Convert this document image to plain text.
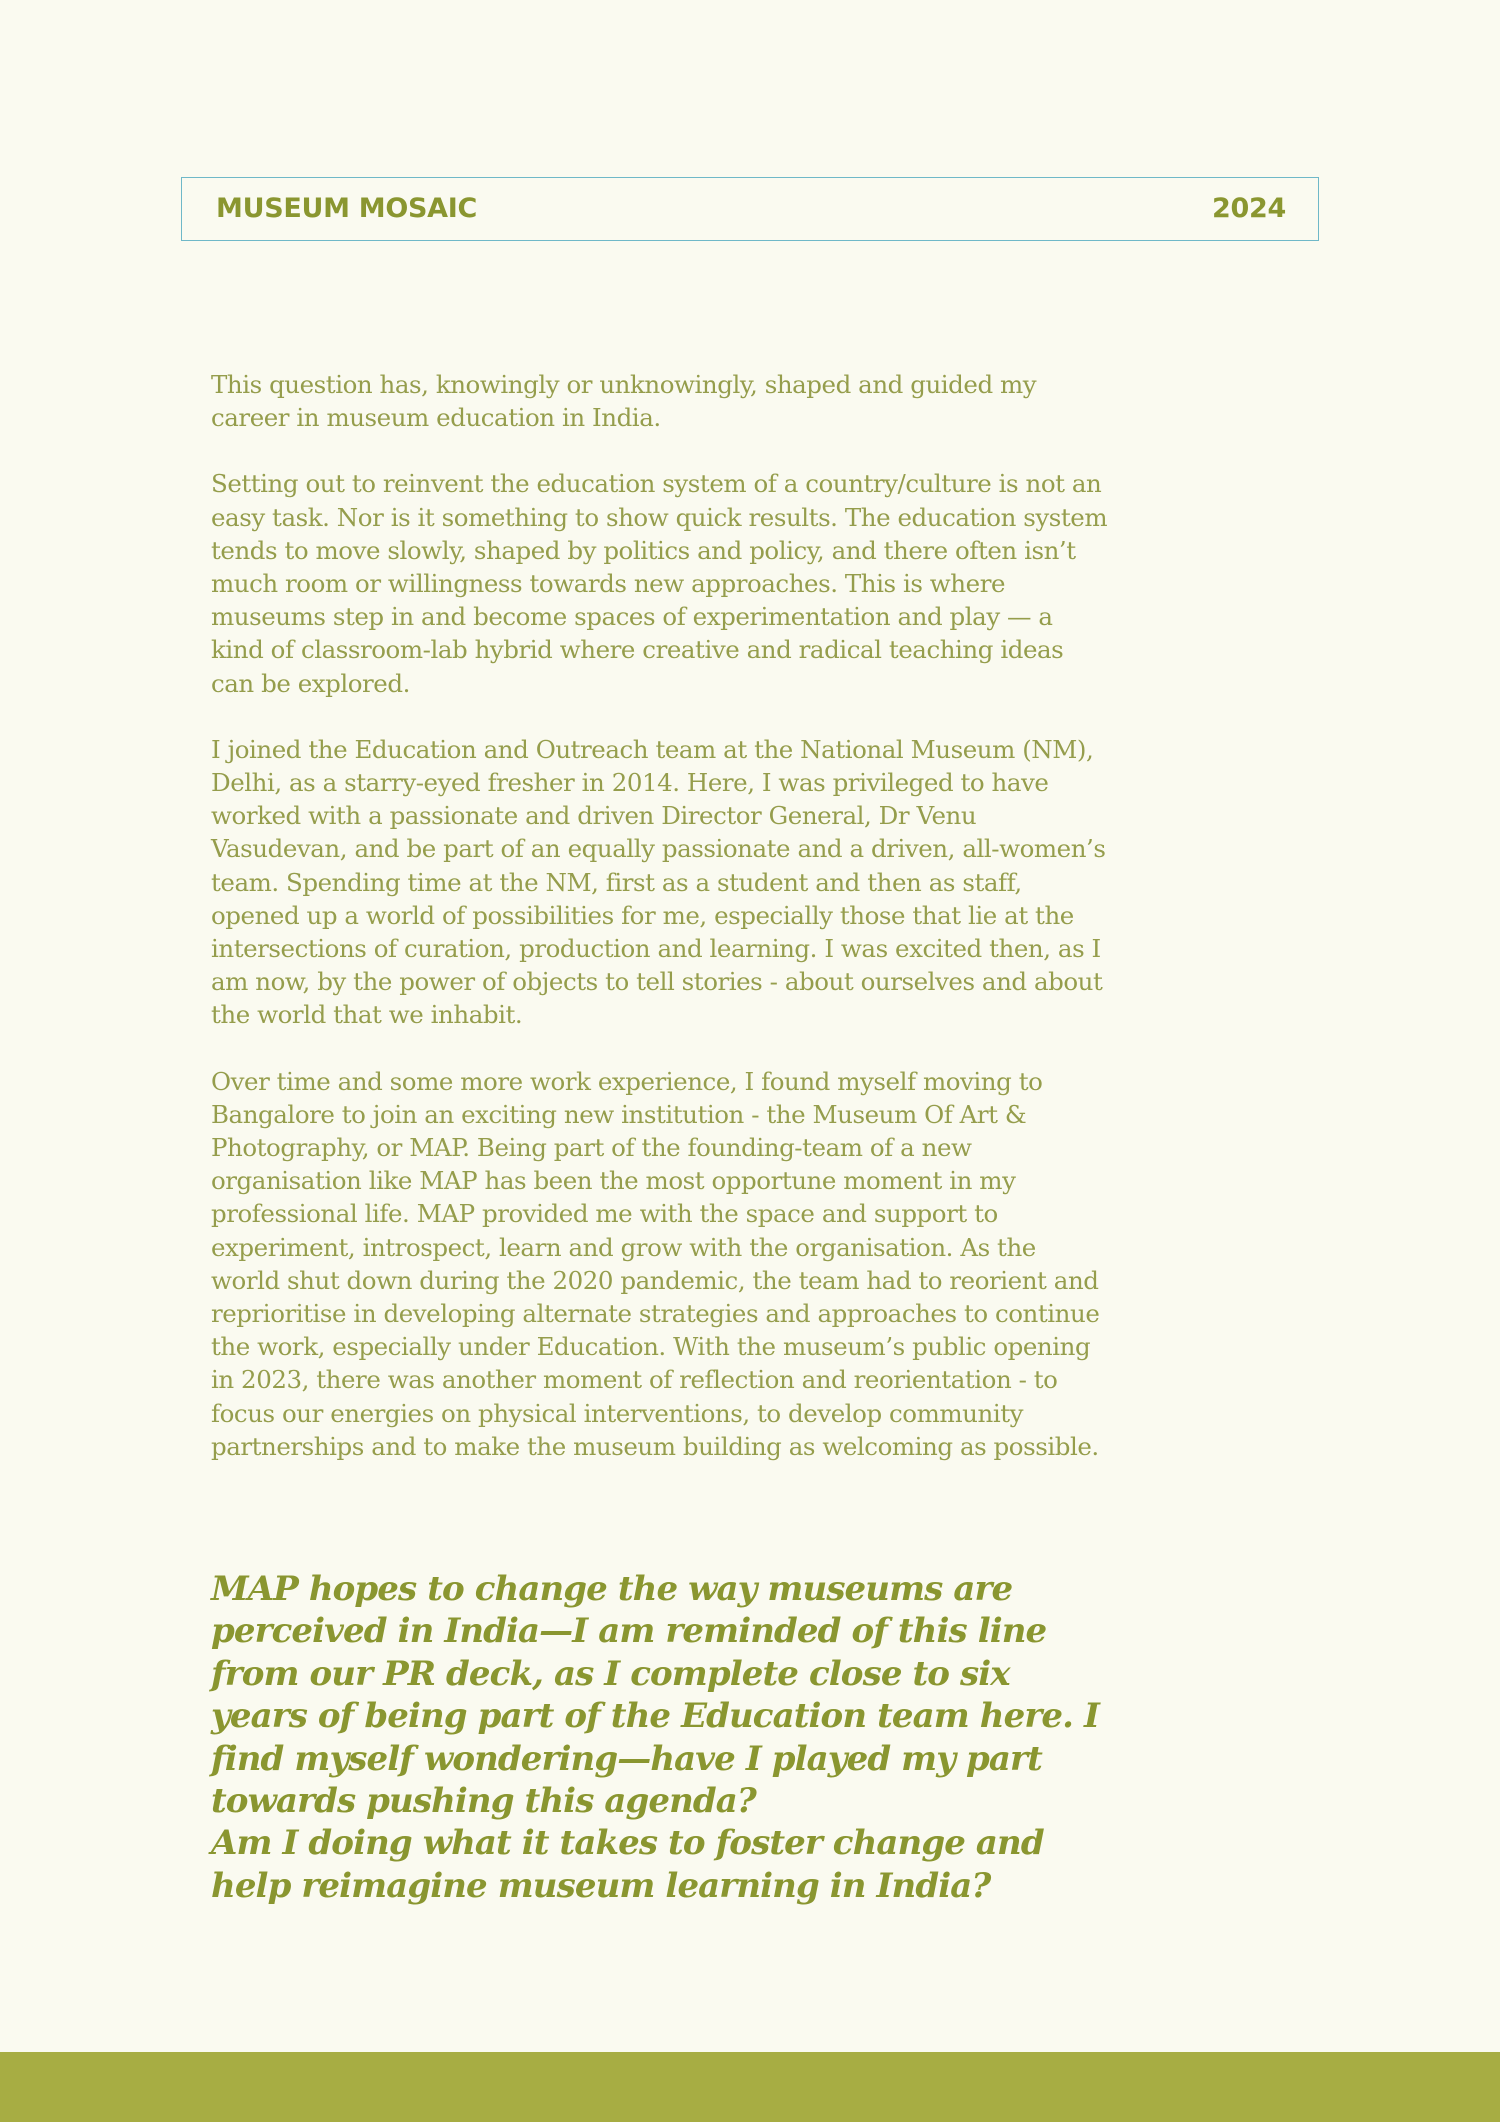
MUSEUM MOSAIC	2024

This question has, knowingly or unknowingly, shaped and guided my career in museum education in India.

Setting out to reinvent the education system of a country/culture is not an easy task. Nor is it something to show quick results. The education system tends to move slowly, shaped by politics and policy, and there often isn’t much room or willingness towards new approaches. This is where museums step in and become spaces of experimentation and play — a kind of classroom-lab hybrid where creative and radical teaching ideas can be explored.

I joined the Education and Outreach team at the National Museum (NM), Delhi, as a starry-eyed fresher in 2014. Here, I was privileged to have worked with a passionate and driven Director General, Dr Venu Vasudevan, and be part of an equally passionate and a driven, all-women’s team. Spending time at the NM, first as a student and then as staff, opened up a world of possibilities for me, especially those that lie at the intersections of curation, production and learning. I was excited then, as I am now, by the power of objects to tell stories - about ourselves and about the world that we inhabit.

Over time and some more work experience, I found myself moving to Bangalore to join an exciting new institution - the Museum Of Art & Photography, or MAP. Being part of the founding-team of a new organisation like MAP has been the most opportune moment in my professional life. MAP provided me with the space and support to experiment, introspect, learn and grow with the organisation. As the world shut down during the 2020 pandemic, the team had to reorient and reprioritise in developing alternate strategies and approaches to continue the work, especially under Education. With the museum’s public opening in 2023, there was another moment of reflection and reorientation - to focus our energies on physical interventions, to develop community partnerships and to make the museum building as welcoming as possible.

MAP hopes to change the way museums are perceived in India—I am reminded of this line from our PR deck, as I complete close to six years of being part of the Education team here. I find myself wondering—have I played my part towards pushing this agenda?

Am I doing what it takes to foster change and help reimagine museum learning in India?
